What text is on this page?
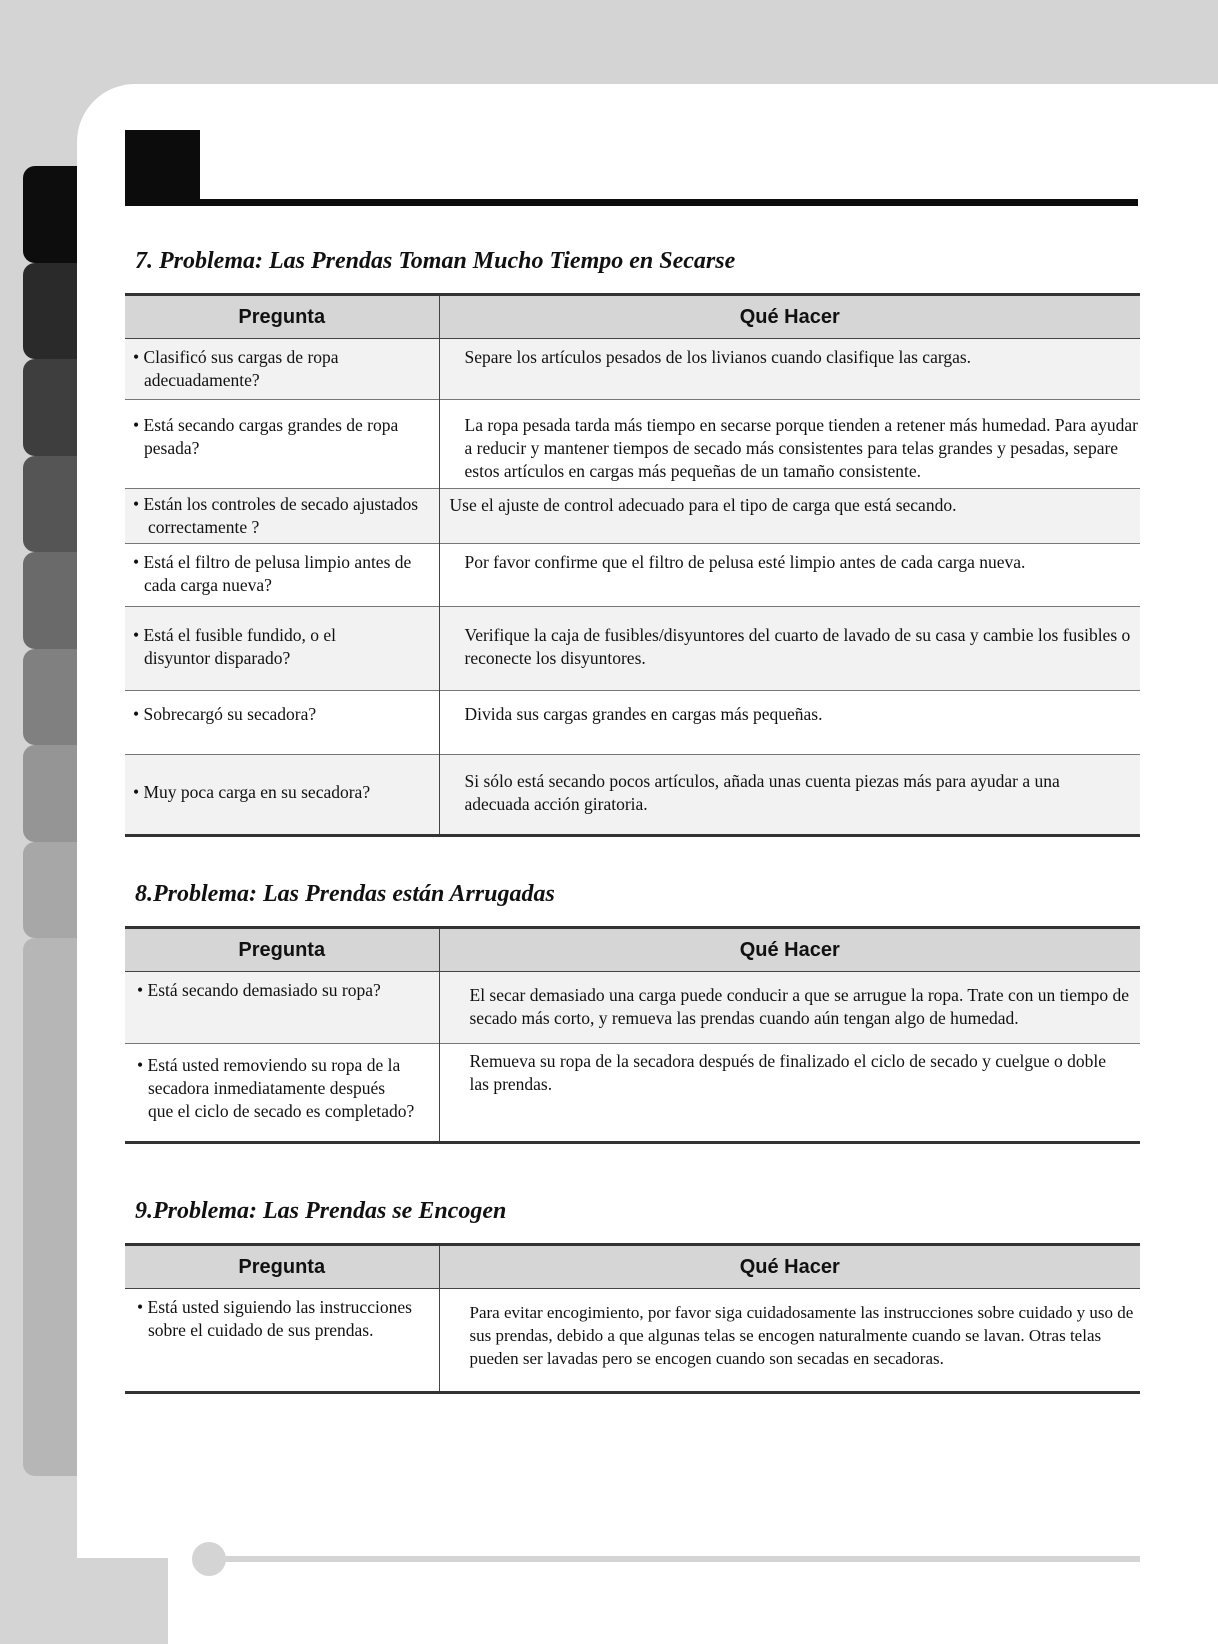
7. Problema: Las Prendas Toman Mucho Tiempo en Secarse
Pregunta	Qué Hacer

• Clasificó sus cargas de ropa
adecuadamente?	Separe los artículos pesados de los livianos cuando clasifique las cargas.

• Está secando cargas grandes de ropa
pesada?	La ropa pesada tarda más tiempo en secarse porque tienden a retener más humedad. Para ayudar a reducir y mantener tiempos de secado más consistentes para telas grandes y pesadas, separe estos artículos en cargas más pequeñas de un tamaño consistente.

• Están los controles de secado ajustados
correctamente ?	Use el ajuste de control adecuado para el tipo de carga que está secando.

• Está el filtro de pelusa limpio antes de
cada carga nueva?	Por favor confirme que el filtro de pelusa esté limpio antes de cada carga nueva.

• Está el fusible fundido, o el
disyuntor disparado?	Verifique la caja de fusibles/disyuntores del cuarto de lavado de su casa y cambie los fusibles o reconecte los disyuntores.

• Sobrecargó su secadora?	Divida sus cargas grandes en cargas más pequeñas.

• Muy poca carga en su secadora?	Si sólo está secando pocos artículos, añada unas cuenta piezas más para ayudar a una adecuada acción giratoria.
8.Problema: Las Prendas están Arrugadas
Pregunta	Qué Hacer

• Está secando demasiado su ropa?	El secar demasiado una carga puede conducir a que se arrugue la ropa. Trate con un tiempo de secado más corto, y remueva las prendas cuando aún tengan algo de humedad.

• Está usted removiendo su ropa de la
secadora inmediatamente después
que el ciclo de secado es completado?	Remueva su ropa de la secadora después de finalizado el ciclo de secado y cuelgue o doble las prendas.
9.Problema: Las Prendas se Encogen
Pregunta	Qué Hacer

• Está usted siguiendo las instrucciones
sobre el cuidado de sus prendas.	Para evitar encogimiento, por favor siga cuidadosamente las instrucciones sobre cuidado y uso de sus prendas, debido a que algunas telas se encogen naturalmente cuando se lavan. Otras telas pueden ser lavadas pero se encogen cuando son secadas en secadoras.
